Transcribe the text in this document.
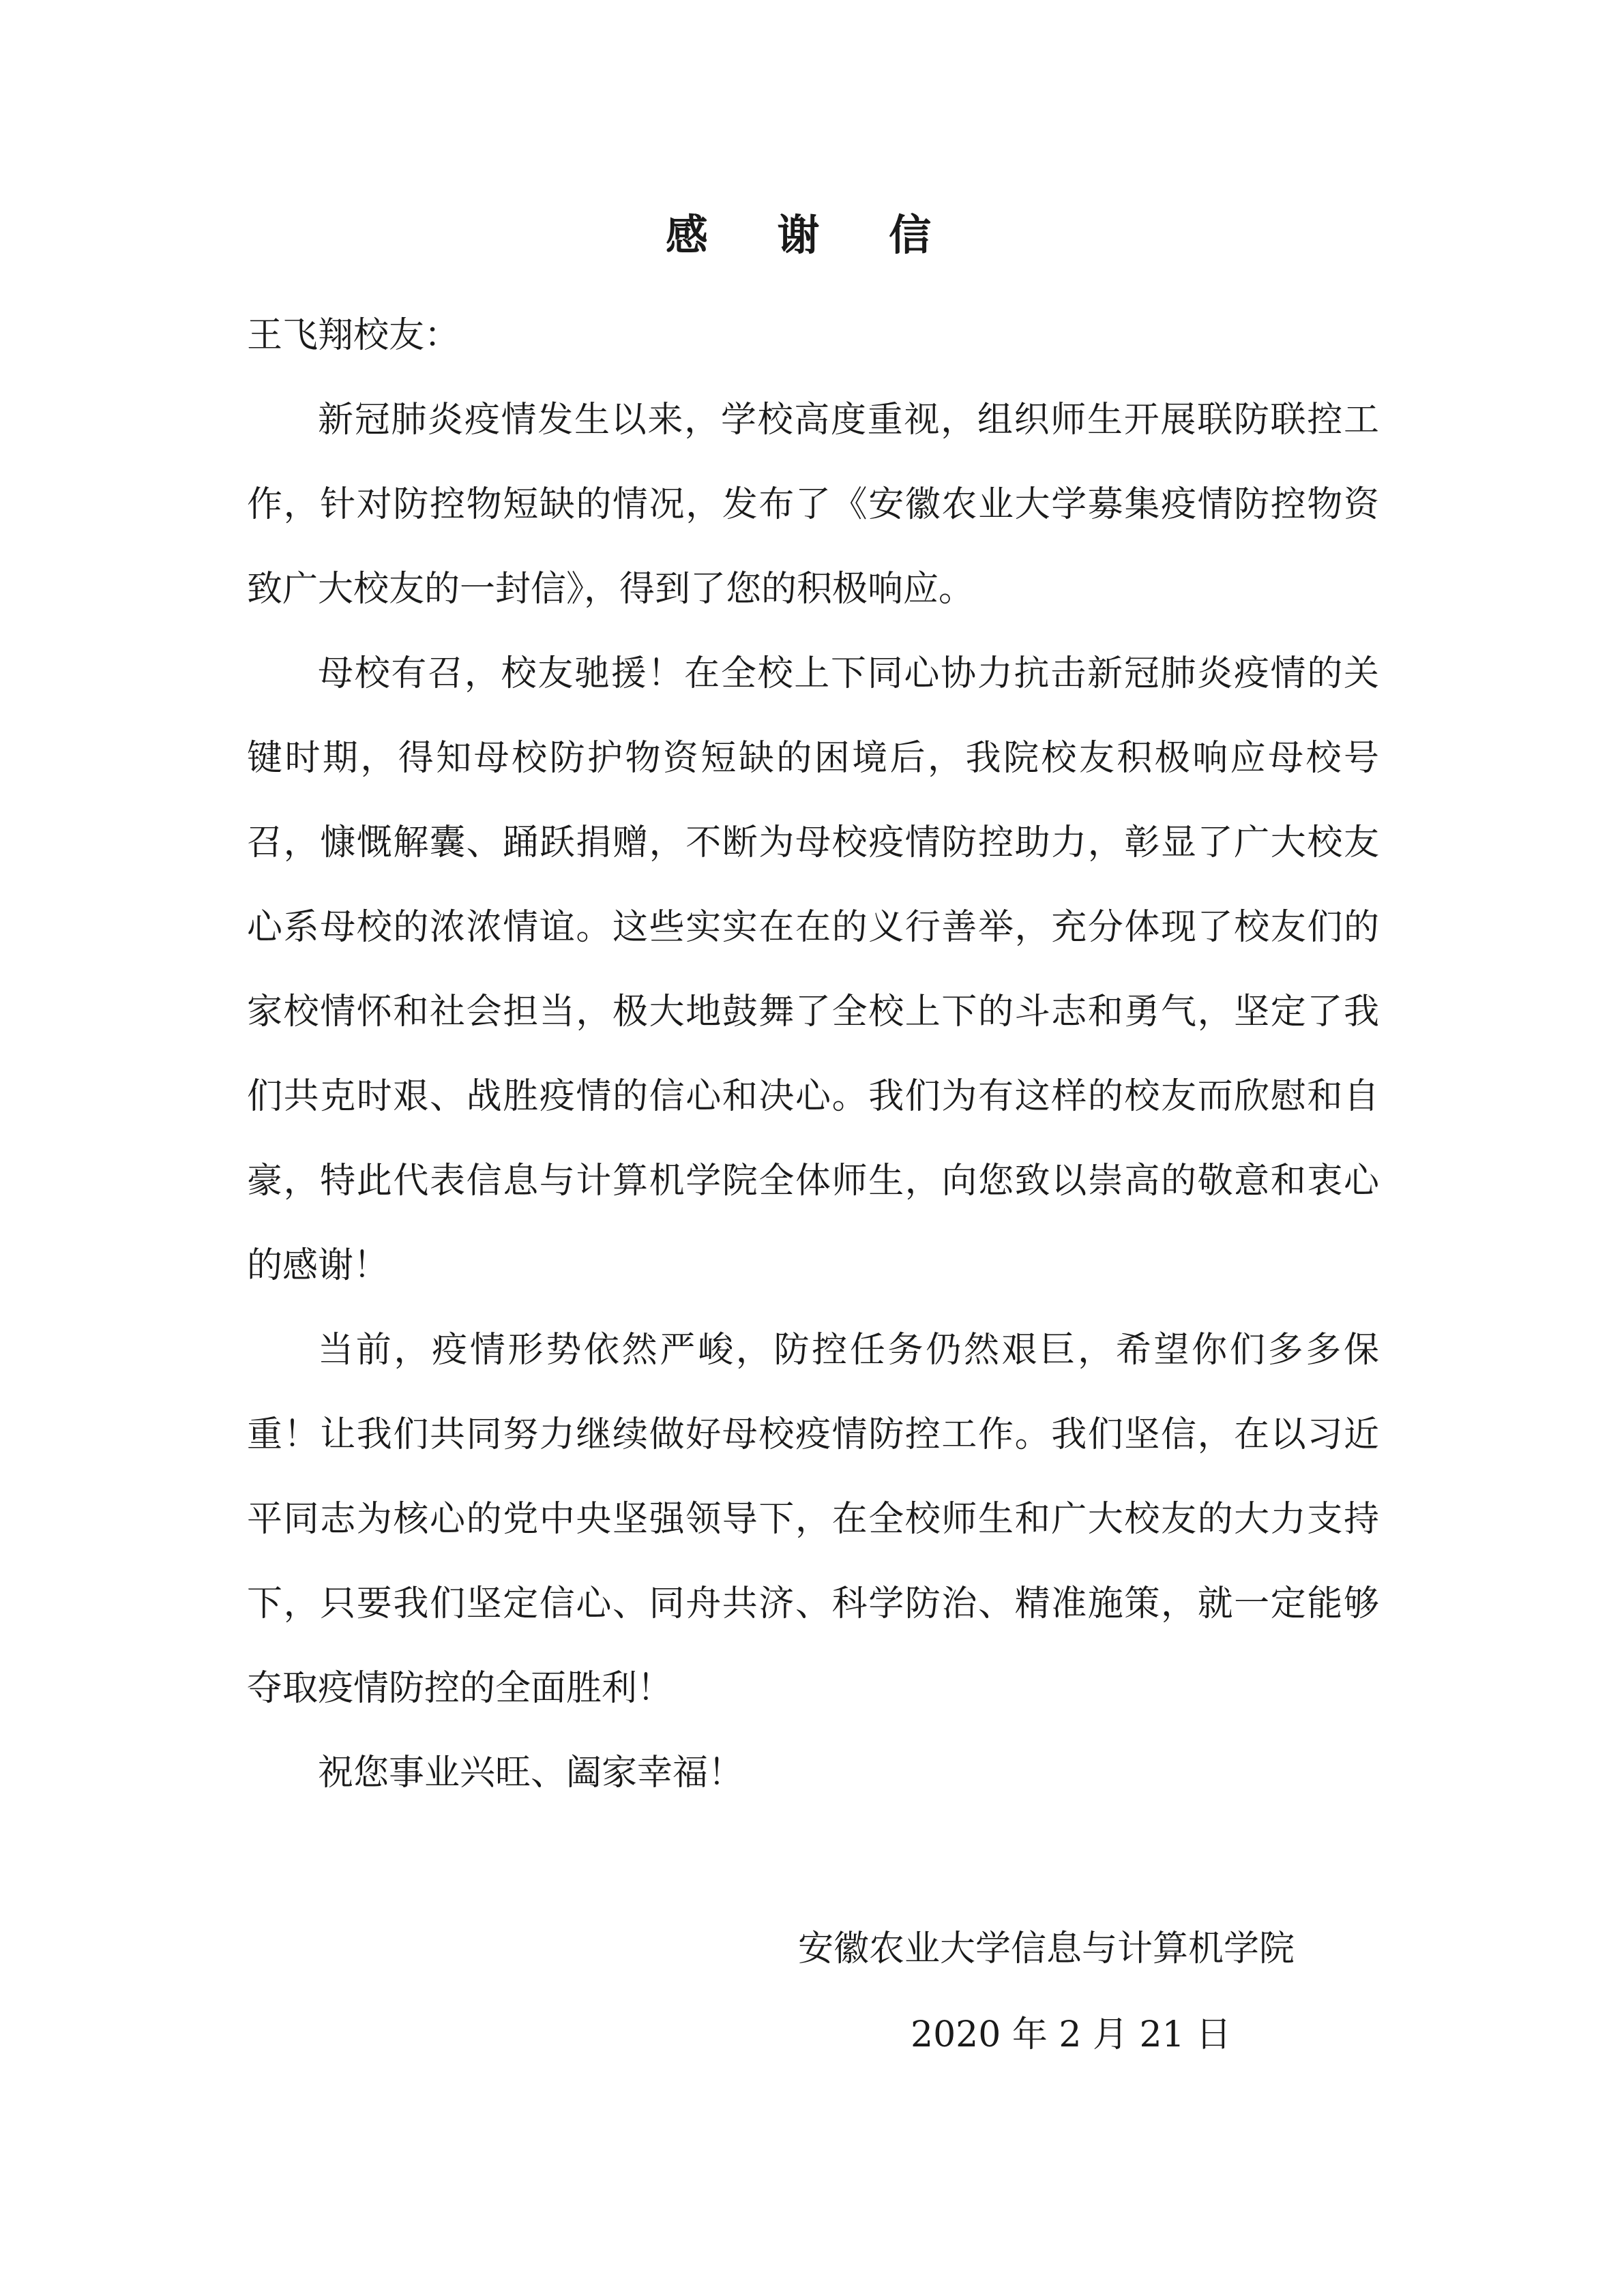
感 谢 信

王飞翔校友：

新冠肺炎疫情发生以来，学校高度重视，组织师生开展联防联控工作，针对防控物短缺的情况，发布了《安徽农业大学募集疫情防控物资 致广大校友的一封信》，得到了您的积极响应。

母校有召，校友驰援！在全校上下同心协力抗击新冠肺炎疫情的关键时期，得知母校防护物资短缺的困境后，我院校友积极响应母校号召，慷慨解囊、踊跃捐赠，不断为母校疫情防控助力，彰显了广大校友心系母校的浓浓情谊。这些实实在在的义行善举，充分体现了校友们的家校情怀和社会担当，极大地鼓舞了全校上下的斗志和勇气，坚定了我们共克时艰、战胜疫情的信心和决心。我们为有这样的校友而欣慰和自豪，特此代表信息与计算机学院全体师生，向您致以崇高的敬意和衷心的感谢！

当前，疫情形势依然严峻，防控任务仍然艰巨，希望你们多多保重！让我们共同努力继续做好母校疫情防控工作。我们坚信，在以习近平同志为核心的党中央坚强领导下，在全校师生和广大校友的大力支持下，只要我们坚定信心、同舟共济、科学防治、精准施策，就一定能够夺取疫情防控的全面胜利！

祝您事业兴旺、阖家幸福！

安徽农业大学信息与计算机学院

2020 年 2 月 21 日
